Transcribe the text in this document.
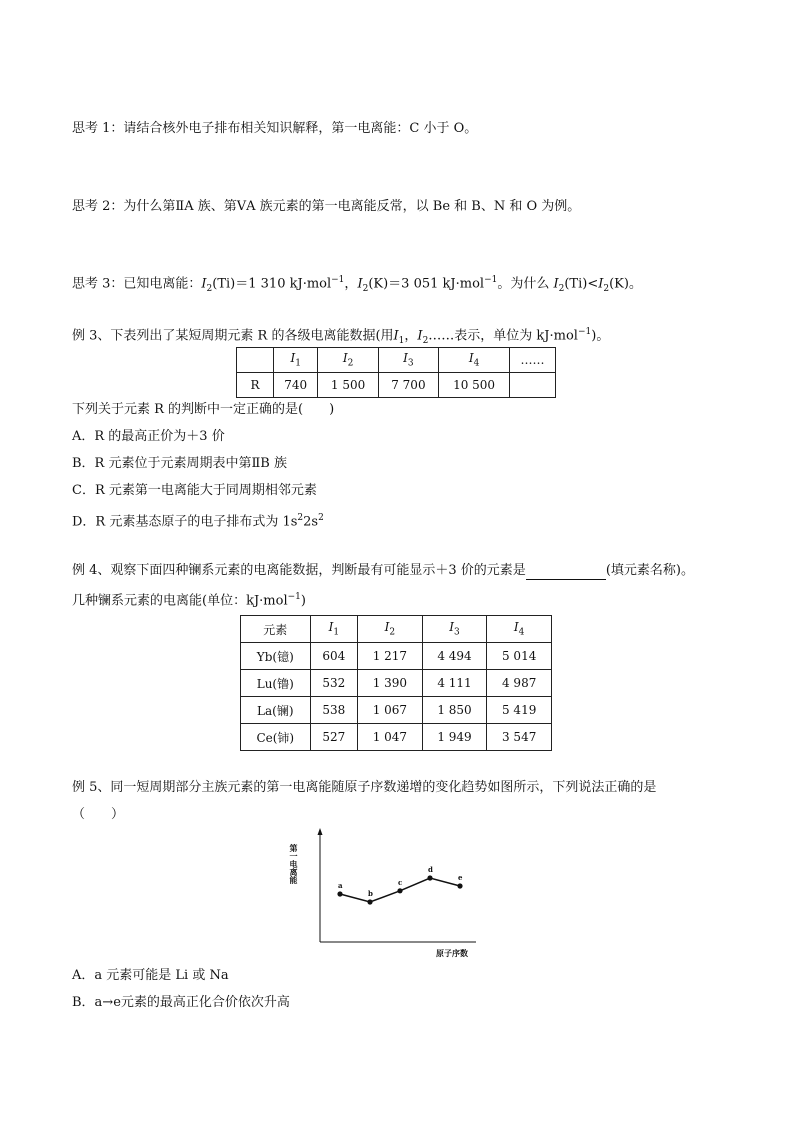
思考 1：请结合核外电子排布相关知识解释，第一电离能：C 小于 O。
思考 2：为什么第ⅡA 族、第ⅤA 族元素的第一电离能反常，以 Be 和 B、N 和 O 为例。
思考 3：已知电离能：$I_2(Ti)=1$ 310 kJ·mol$^{-1}$，$I_2(K)=3$ 051 kJ·mol$^{-1}$。为什么 $I_2(Ti)<I_2(K)$。
例 3、下表列出了某短周期元素 R 的各级电离能数据(用$I_1$，$I_2\dots\dots$表示，单位为 kJ·mol$^{-1}$)。
	$I_1$	$I_2$	$I_3$	$I_4$	……
R	740	1 500	7 700	10 500	
下列关于元素 R 的判断中一定正确的是(　　)
A．R 的最高正价为＋3 价
B．R 元素位于元素周期表中第ⅡB 族
C．R 元素第一电离能大于同周期相邻元素
D．R 元素基态原子的电子排布式为 $1s^22s^2$
例 4、观察下面四种镧系元素的电离能数据，判断最有可能显示＋3 价的元素是	(填元素名称)。
几种镧系元素的电离能(单位：kJ·mol$^{-1}$)
元素	$I_1$	$I_2$	$I_3$	$I_4$
Yb(镱)	604	1 217	4 494	5 014
Lu(镥)	532	1 390	4 111	4 987
La(镧)	538	1 067	1 850	5 419
Ce(铈)	527	1 047	1 949	3 547
例 5、同一短周期部分主族元素的第一电离能随原子序数递增的变化趋势如图所示，下列说法正确的是
（　　）
第一电离能
原子序数
a
b
c
d
e
A．a 元素可能是 Li 或 Na
B．a→e元素的最高正化合价依次升高
